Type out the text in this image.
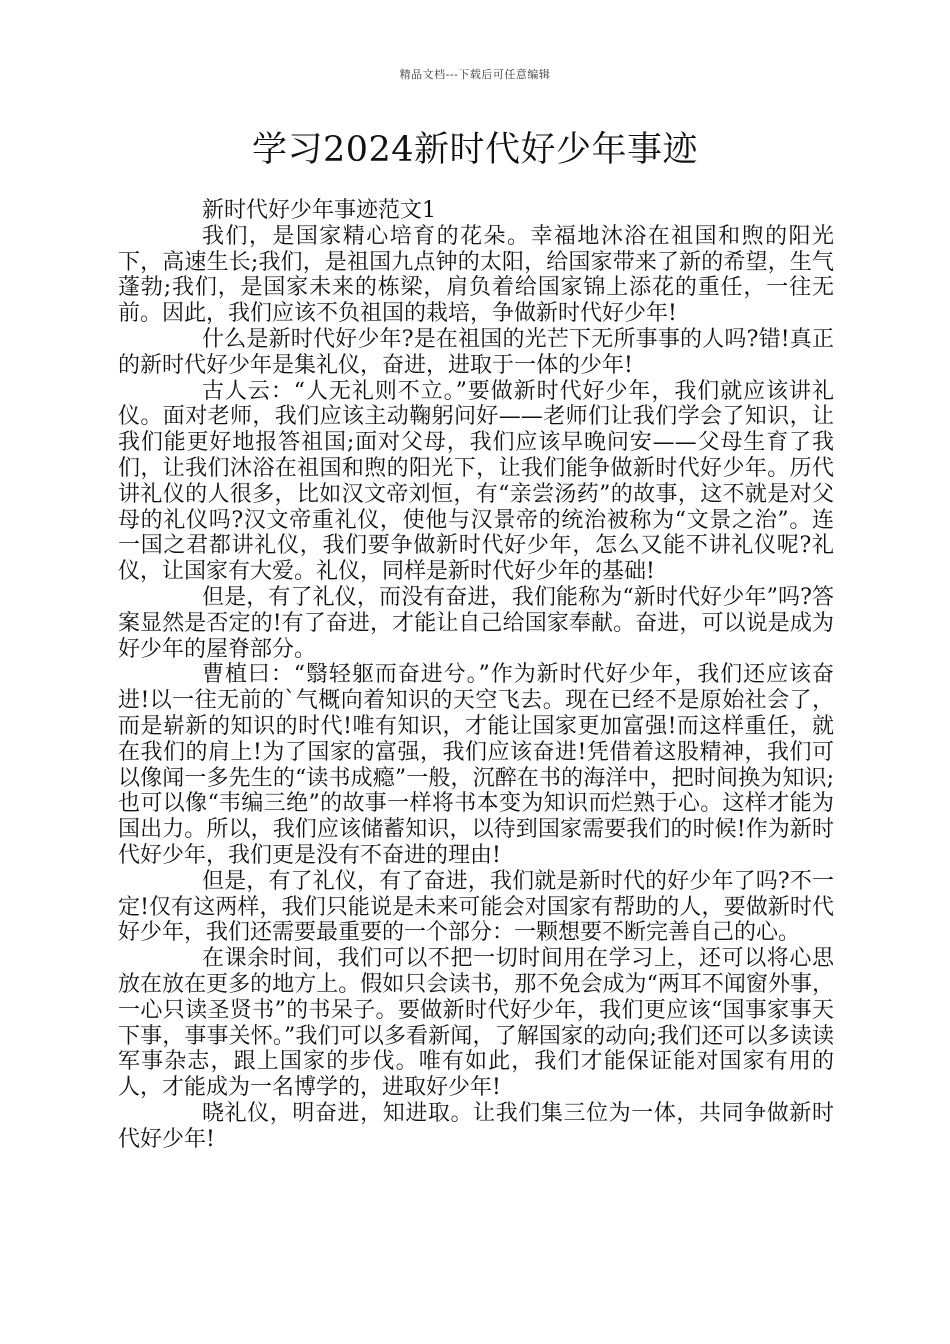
精品文档---下载后可任意编辑
学习2024新时代好少年事迹

新时代好少年事迹范文1

我们，是国家精心培育的花朵。幸福地沐浴在祖国和煦的阳光下，高速生长;我们，是祖国九点钟的太阳，给国家带来了新的希望，生气蓬勃;我们，是国家未来的栋梁，肩负着给国家锦上添花的重任，一往无前。因此，我们应该不负祖国的栽培，争做新时代好少年!

什么是新时代好少年?是在祖国的光芒下无所事事的人吗?错!真正的新时代好少年是集礼仪，奋进，进取于一体的少年!

古人云：“人无礼则不立。”要做新时代好少年，我们就应该讲礼仪。面对老师，我们应该主动鞠躬问好——老师们让我们学会了知识，让我们能更好地报答祖国;面对父母，我们应该早晚问安——父母生育了我们，让我们沐浴在祖国和煦的阳光下，让我们能争做新时代好少年。历代讲礼仪的人很多，比如汉文帝刘恒，有“亲尝汤药”的故事，这不就是对父母的礼仪吗?汉文帝重礼仪，使他与汉景帝的统治被称为“文景之治”。连一国之君都讲礼仪，我们要争做新时代好少年，怎么又能不讲礼仪呢?礼仪，让国家有大爱。礼仪，同样是新时代好少年的基础!

但是，有了礼仪，而没有奋进，我们能称为“新时代好少年”吗?答案显然是否定的!有了奋进，才能让自己给国家奉献。奋进，可以说是成为好少年的屋脊部分。

曹植曰：“翳轻躯而奋进兮。”作为新时代好少年，我们还应该奋进!以一往无前的`气概向着知识的天空飞去。现在已经不是原始社会了，而是崭新的知识的时代!唯有知识，才能让国家更加富强!而这样重任，就在我们的肩上!为了国家的富强，我们应该奋进!凭借着这股精神，我们可以像闻一多先生的“读书成瘾”一般，沉醉在书的海洋中，把时间换为知识;也可以像“韦编三绝”的故事一样将书本变为知识而烂熟于心。这样才能为国出力。所以，我们应该储蓄知识，以待到国家需要我们的时候!作为新时代好少年，我们更是没有不奋进的理由!

但是，有了礼仪，有了奋进，我们就是新时代的好少年了吗?不一定!仅有这两样，我们只能说是未来可能会对国家有帮助的人，要做新时代好少年，我们还需要最重要的一个部分：一颗想要不断完善自己的心。

在课余时间，我们可以不把一切时间用在学习上，还可以将心思放在放在更多的地方上。假如只会读书，那不免会成为“两耳不闻窗外事，一心只读圣贤书”的书呆子。要做新时代好少年，我们更应该“国事家事天下事，事事关怀。”我们可以多看新闻，了解国家的动向;我们还可以多读读军事杂志，跟上国家的步伐。唯有如此，我们才能保证能对国家有用的人，才能成为一名博学的，进取好少年!

晓礼仪，明奋进，知进取。让我们集三位为一体，共同争做新时代好少年!
